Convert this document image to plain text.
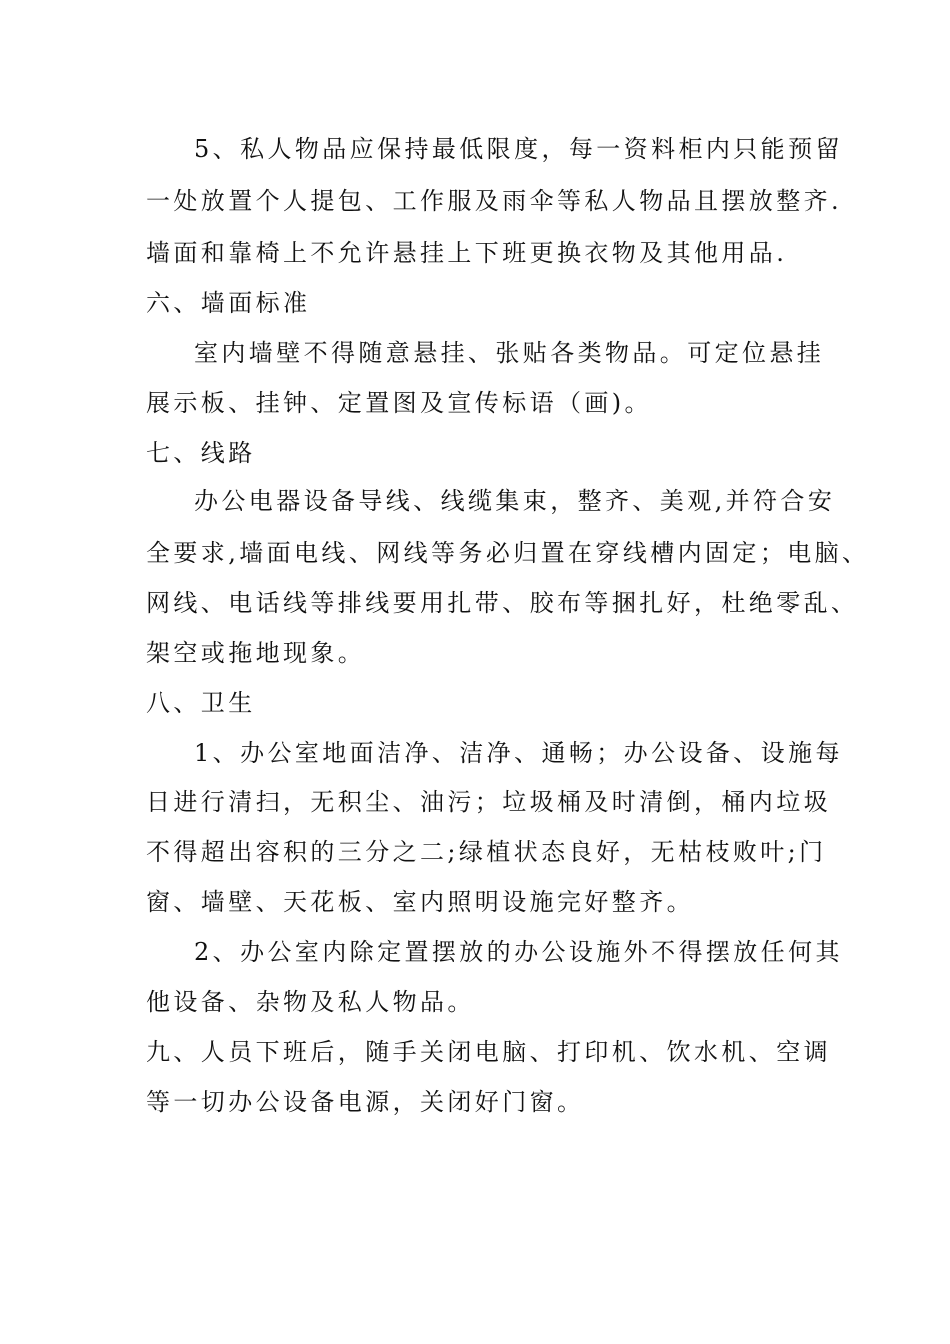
5、私人物品应保持最低限度，每一资料柜内只能预留
一处放置个人提包、工作服及雨伞等私人物品且摆放整齐.
墙面和靠椅上不允许悬挂上下班更换衣物及其他用品.
六、墙面标准
室内墙壁不得随意悬挂、张贴各类物品。可定位悬挂
展示板、挂钟、定置图及宣传标语（画)。
七、线路
办公电器设备导线、线缆集束，整齐、美观,并符合安
全要求,墙面电线、网线等务必归置在穿线槽内固定；电脑、
网线、电话线等排线要用扎带、胶布等捆扎好，杜绝零乱、
架空或拖地现象。
八、卫生
1、办公室地面洁净、洁净、通畅；办公设备、设施每
日进行清扫，无积尘、油污；垃圾桶及时清倒，桶内垃圾
不得超出容积的三分之二;绿植状态良好，无枯枝败叶;门
窗、墙壁、天花板、室内照明设施完好整齐。
2、办公室内除定置摆放的办公设施外不得摆放任何其
他设备、杂物及私人物品。
九、人员下班后，随手关闭电脑、打印机、饮水机、空调
等一切办公设备电源，关闭好门窗。
